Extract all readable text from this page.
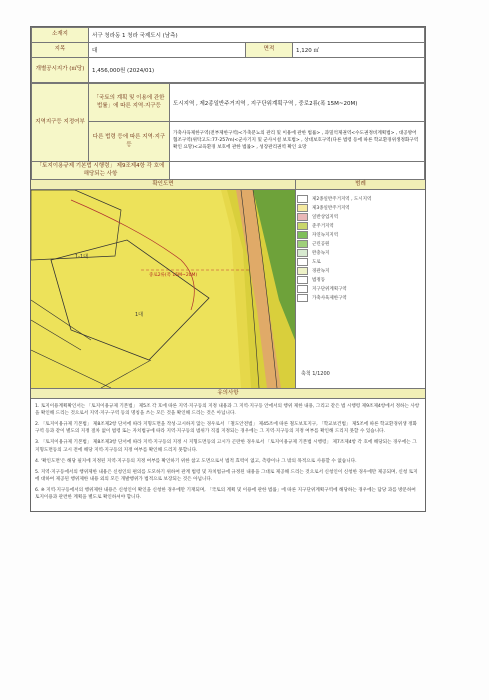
소재지	서구 청라동 1 청라 국제도시 (남측)		
지목	대	면적	1,120 ㎡
개별공시지가 (㎡당)	1,456,000원 (2024/01)		
지역지구등 지정여부	「국토의 계획 및 이용에 관한 법률」에 따른 지역·지구등	도시지역 , 제2종일반주거지역 , 지구단위계획구역 , 중로2류(폭 15M~20M)
	다른 법령 등에 따른 지역·지구등	가축사육제한구역(전부제한구역)<가축분뇨의 관리 및 이용에 관한 법률> , 과밀억제권역<수도권정비계획법> , 대공방어협조구역(위탁고도:77-257m)<군사기지 및 군사시설 보호법> , 상대보호구역(다른 법령 등에 따른 학교환경위생정화구역 확인 요망)<교육환경 보호에 관한 법률> , 성장관리권역 확인 요망
「토지이용규제 기본법 시행령」 제9조제4항 각 호에 해당되는 사항		
확인도면	범례
1-1대
1대
중로2류(폭 15M~20M)
제2종일반주거지역 , 도시지역
제3종일반주거지역
일반상업지역
준주거지역
자연녹지지역
근린공원
완충녹지
도로
경관녹지
법정동
지구단위계획구역
가축사육제한구역
축척 1/1200
유의사항

1. 토지이용계획확인서는 「토지이용규제 기본법」 제5조 각 호에 따른 지역·지구등의 지정 내용과 그 지역·지구등 안에서의 행위 제한 내용, 그리고 같은 법 시행령 제9조제4항에서 정하는 사항을 확인해 드리는 것으로서 지역·지구·구역 등의 명칭을 쓰는 모든 것을 확인해 드리는 것은 아닙니다.

2. 「토지이용규제 기본법」 제8조제2항 단서에 따라 지형도면을 작성·고시하지 않는 경우로서 「철도안전법」 제45조에 따른 철도보호지구, 「학교보건법」 제5조에 따른 학교환경위생 정화구역 등과 같이 별도의 지정 절차 없이 법령 또는 자치법규에 따라 지역·지구등의 범위가 직접 지정되는 경우에는 그 지역·지구등의 지정 여부를 확인해 드리지 못할 수 있습니다.

3. 「토지이용규제 기본법」 제8조제3항 단서에 따라 지역·지구등의 지정 시 지형도면등의 고시가 곤란한 경우로서 「토지이용규제 기본법 시행령」 제7조제4항 각 호에 해당되는 경우에는 그 지형도면등의 고시 전에 해당 지역·지구등의 지정 여부를 확인해 드리지 못합니다.

4. '확인도면'은 해당 필지에 지정된 지역·지구등의 지정 여부를 확인하기 위한 참고 도면으로서 법적 효력이 없고, 측량이나 그 밖의 목적으로 사용할 수 없습니다.

5. 지역·지구등에서의 행위제한 내용은 신청인의 편의를 도모하기 위하여 관계 법령 및 자치법규에 규정된 내용을 그대로 제공해 드리는 것으로서 신청인이 신청한 경우에만 제공되며, 신청 토지에 대하여 제공된 행위제한 내용 외의 모든 개발행위가 법적으로 보장되는 것은 아닙니다.

6. ※ 지역·지구등에서의 행위제한 내용은 신청인이 확인을 신청한 경우에만 기재되며, 「국토의 계획 및 이용에 관한 법률」에 따른 지구단위계획구역에 해당하는 경우에는 담당 과를 방문하여 토지이용과 관련한 계획을 별도로 확인하셔야 합니다.
